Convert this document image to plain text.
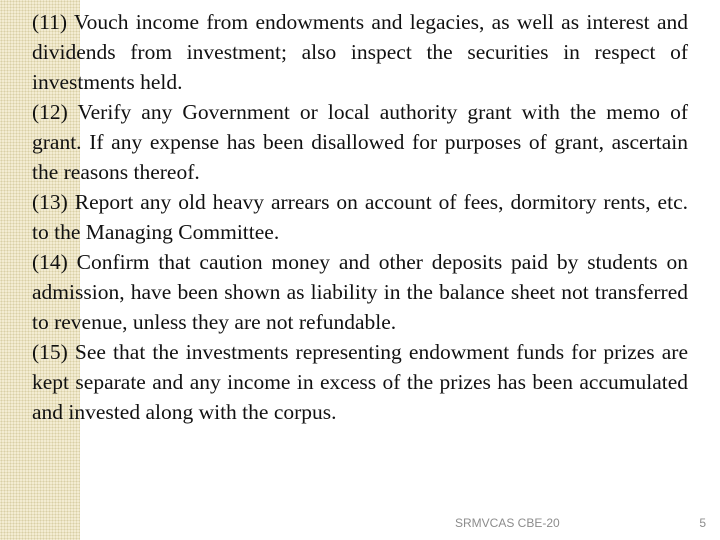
(11) Vouch income from endowments and legacies, as well as interest and dividends from investment; also inspect the securities in respect of investments held.

(12) Verify any Government or local authority grant with the memo of grant. If any expense has been disallowed for purposes of grant, ascertain the reasons thereof.

(13) Report any old heavy arrears on account of fees, dormitory rents, etc. to the Managing Committee.

(14) Confirm that caution money and other deposits paid by students on admission, have been shown as liability in the balance sheet not transferred to revenue, unless they are not refundable.

(15) See that the investments representing endowment funds for prizes are kept separate and any income in excess of the prizes has been accumulated and invested along with the corpus.

SRMVCAS CBE-20	5
